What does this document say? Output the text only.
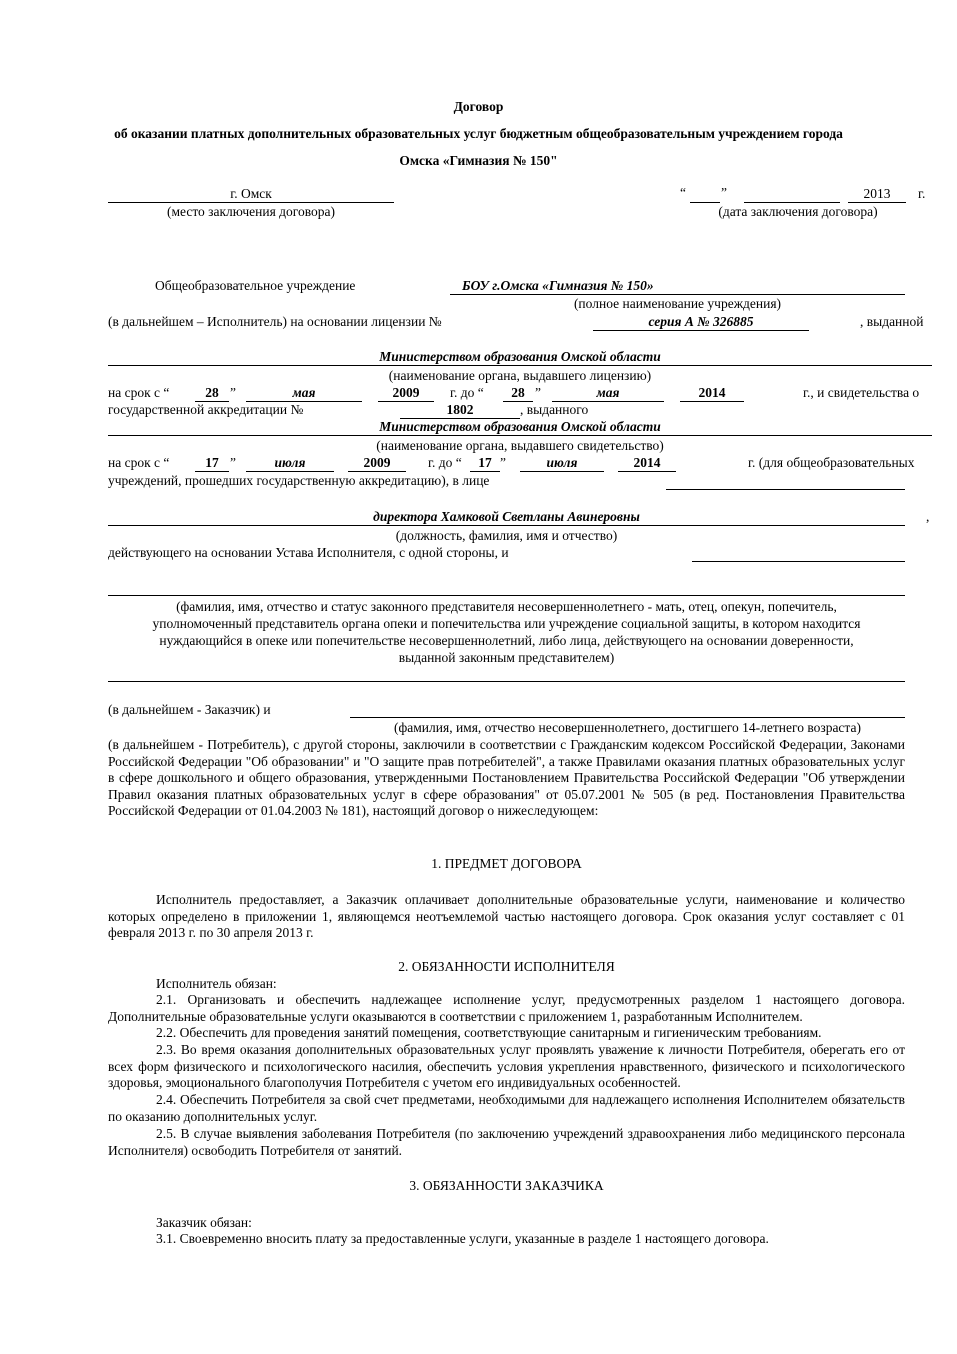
Договор
об оказании платных дополнительных образовательных услуг бюджетным общеобразовательным учреждением города
Омска «Гимназия № 150"
г. Омск
(место заключения договора)
“	”	2013	г.
(дата заключения договора)
Общеобразовательное учреждение	БОУ г.Омска «Гимназия № 150»
(полное наименование учреждения)
(в дальнейшем – Исполнитель) на основании лицензии №	серия А № 326885	, выданной
Министерством образования Омской области
(наименование органа, выдавшего лицензию)
на срок с “	28 ”	мая	2009	г. до “	28 ”	мая	2014	г., и свидетельства о
государственной аккредитации №	1802	, выданного
Министерством образования Омской области
(наименование органа, выдавшего свидетельство)
на срок с “	17 ”	июля	2009	г. до “	17 ”	июля	2014	г. (для общеобразовательных
учреждений, прошедших государственную аккредитацию), в лице
директора Хамковой Светланы Авинеровны	,
(должность, фамилия, имя и отчество)
действующего на основании Устава Исполнителя, с одной стороны, и
(фамилия, имя, отчество и статус законного представителя несовершеннолетнего - мать, отец, опекун, попечитель,
уполномоченный представитель органа опеки и попечительства или учреждение социальной защиты, в котором находится
нуждающийся в опеке или попечительстве несовершеннолетний, либо лица, действующего на основании доверенности,
выданной законным представителем)
(в дальнейшем - Заказчик) и
(фамилия, имя, отчество несовершеннолетнего, достигшего 14-летнего возраста)
(в дальнейшем - Потребитель), с другой стороны, заключили в соответствии с Гражданским кодексом Российской Федерации, Законами Российской Федерации "Об образовании" и "О защите прав потребителей", а также Правилами оказания платных образовательных услуг в сфере дошкольного и общего образования, утвержденными Постановлением Правительства Российской Федерации "Об утверждении Правил оказания платных образовательных услуг в сфере образования" от 05.07.2001 № 505 (в ред. Постановления Правительства Российской Федерации от 01.04.2003 № 181), настоящий договор о нижеследующем:
1. ПРЕДМЕТ ДОГОВОРА
Исполнитель предоставляет, а Заказчик оплачивает дополнительные образовательные услуги, наименование и количество которых определено в приложении 1, являющемся неотъемлемой частью настоящего договора. Срок оказания услуг составляет с 01 февраля 2013 г. по 30 апреля 2013 г.
2. ОБЯЗАННОСТИ ИСПОЛНИТЕЛЯ
Исполнитель обязан:
2.1. Организовать и обеспечить надлежащее исполнение услуг, предусмотренных разделом 1 настоящего договора. Дополнительные образовательные услуги оказываются в соответствии с приложением 1, разработанным Исполнителем.
2.2. Обеспечить для проведения занятий помещения, соответствующие санитарным и гигиеническим требованиям.
2.3. Во время оказания дополнительных образовательных услуг проявлять уважение к личности Потребителя, оберегать его от всех форм физического и психологического насилия, обеспечить условия укрепления нравственного, физического и психологического здоровья, эмоционального благополучия Потребителя с учетом его индивидуальных особенностей.
2.4. Обеспечить Потребителя за свой счет предметами, необходимыми для надлежащего исполнения Исполнителем обязательств по оказанию дополнительных услуг.
2.5. В случае выявления заболевания Потребителя (по заключению учреждений здравоохранения либо медицинского персонала Исполнителя) освободить Потребителя от занятий.
3. ОБЯЗАННОСТИ ЗАКАЗЧИКА
Заказчик обязан:
3.1. Своевременно вносить плату за предоставленные услуги, указанные в разделе 1 настоящего договора.
